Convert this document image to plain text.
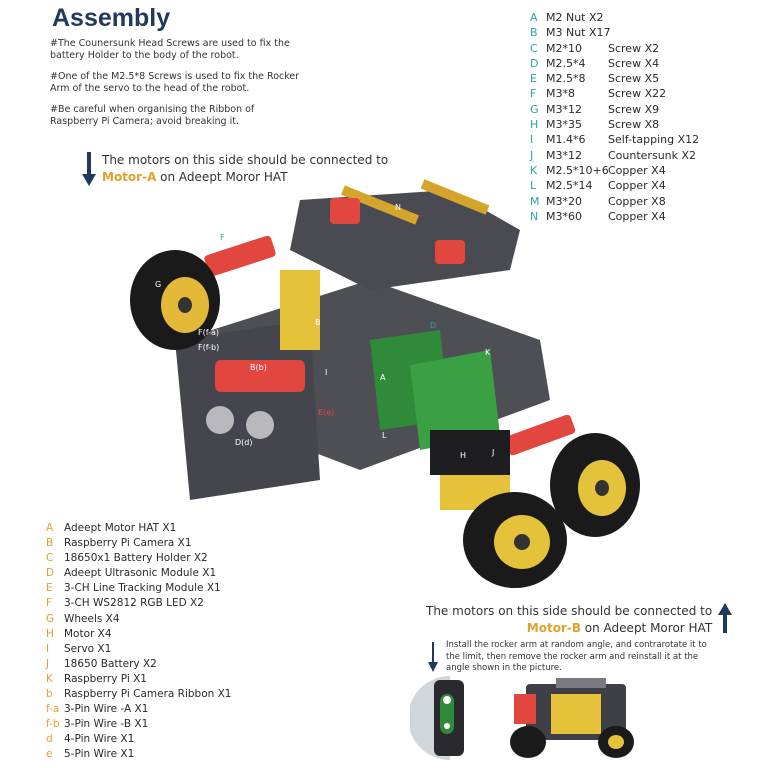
Assembly

#The Counersunk Head Screws are used to fix the
battery Holder to the body of the robot.

#One of the M2.5*8 Screws is used to fix the Rocker
Arm of the servo to the head of the robot.

#Be careful when organising the Ribbon of
Raspberry Pi Camera; avoid breaking it.

A M2 Nut X2
B M3 Nut X17
C M2*10	Screw X2
D M2.5*4	Screw X4
E M2.5*8	Screw X5
F M3*8	Screw X22
G M3*12	Screw X9
H M3*35	Screw X8
I	M1.4*6	Self-tapping X12
J	M3*12	Countersunk X2
K M2.5*10+6 Copper X4
L M2.5*14	Copper X4
M M3*20	Copper X8
N M3*60	Copper X4
The motors on this side should be connected to
Motor-A on Adeept Moror HAT
G
F	E
M
A
C
B
I
D
K
L
N
J
H
F(f-a)
F(f-b)
E(e)
D(d)
B(b)
A	Adeept Motor HAT X1
B	Raspberry Pi Camera X1
C	18650x1 Battery Holder X2
D Adeept Ultrasonic Module X1
E	3-CH Line Tracking Module X1
F	3-CH WS2812 RGB LED X2
G Wheels X4
H Motor X4
I	Servo X1
J	18650 Battery X2
K	Raspberry Pi X1
b	Raspberry Pi Camera Ribbon X1
f-a 3-Pin Wire -A X1
f-b 3-Pin Wire -B X1
d	4-Pin Wire X1
e	5-Pin Wire X1
The motors on this side should be connected to
Motor-B on Adeept Moror HAT
Install the rocker arm at random angle, and contrarotate it to the limit, then remove the rocker arm and reinstall it at the angle shown in the picture.
